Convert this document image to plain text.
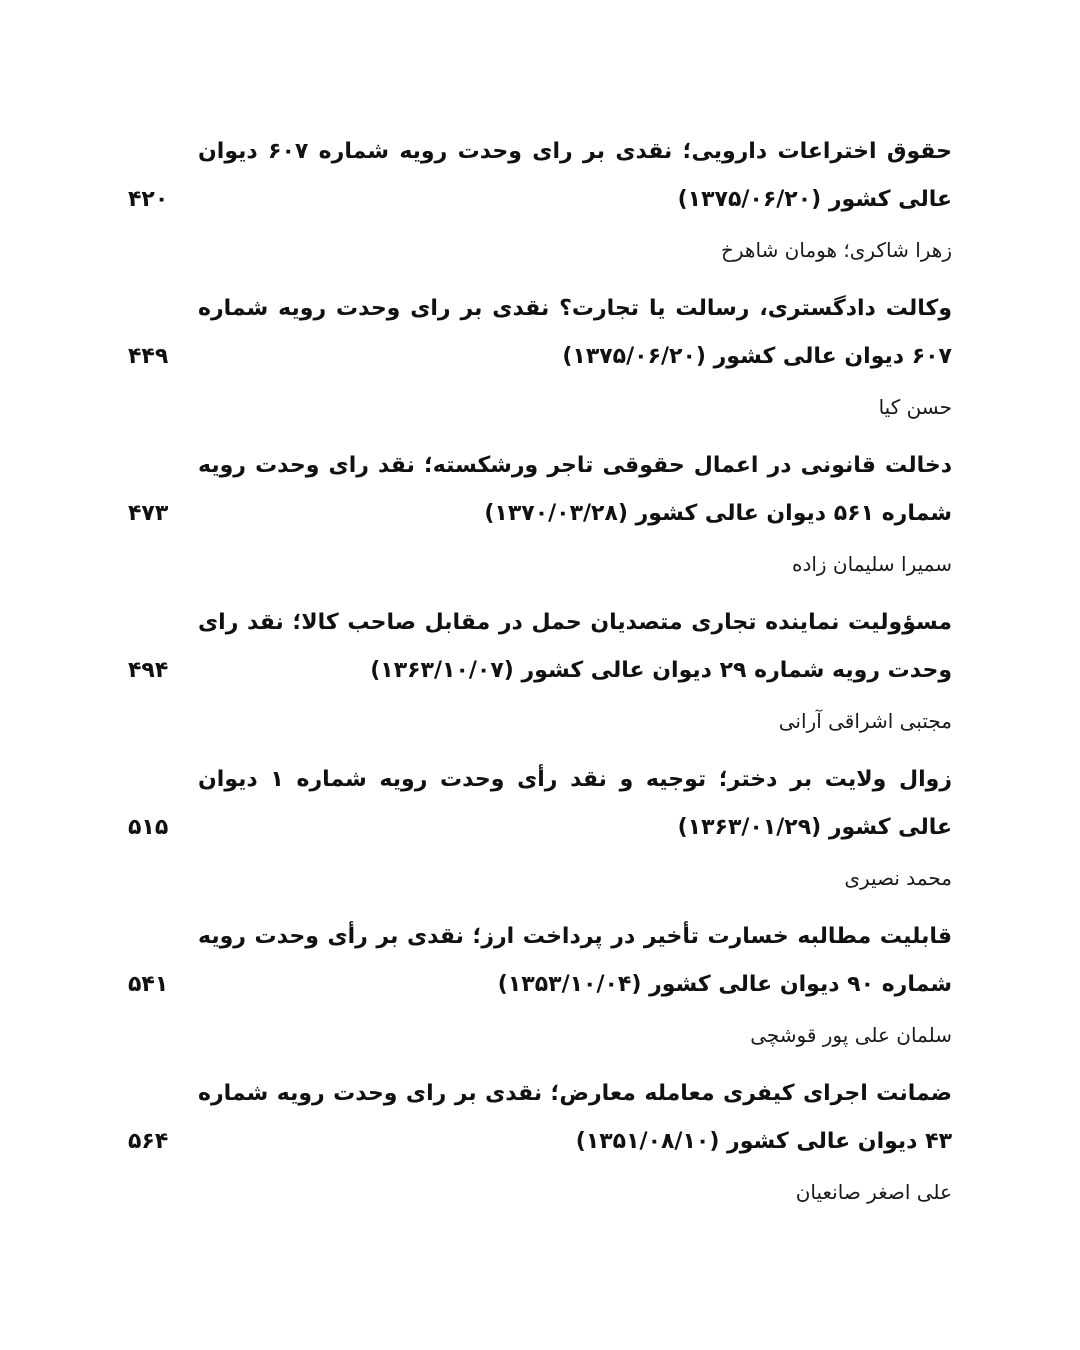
حقوق اختراعات دارویی؛ نقدی بر رای وحدت رویه شماره ۶۰۷ دیوان عالی کشور (۱۳۷۵/۰۶/۲۰)

۴۲۰
زهرا شاکری؛ هومان شاهرخ

وکالت دادگستری، رسالت یا تجارت؟ نقدی بر رای وحدت رویه شماره ۶۰۷ دیوان عالی کشور (۱۳۷۵/۰۶/۲۰)

۴۴۹
حسن کیا

دخالت قانونی در اعمال حقوقی تاجر ورشکسته؛ نقد رای وحدت رویه شماره ۵۶۱ دیوان عالی کشور (۱۳۷۰/۰۳/۲۸)

۴۷۳
سمیرا سلیمان زاده

مسؤولیت نماینده تجاری متصدیان حمل در مقابل صاحب کالا؛ نقد رای وحدت رویه شماره ۲۹ دیوان عالی کشور (۱۳۶۳/۱۰/۰۷)

۴۹۴
مجتبی اشراقی آرانی

زوال ولایت بر دختر؛ توجیه و نقد رأی وحدت رویه شماره ۱ دیوان عالی کشور (۱۳۶۳/۰۱/۲۹)

۵۱۵
محمد نصیری

قابلیت مطالبه خسارت تأخیر در پرداخت ارز؛ نقدی بر رأی وحدت رویه شماره ۹۰ دیوان عالی کشور (۱۳۵۳/۱۰/۰۴)

۵۴۱
سلمان علی پور قوشچی

ضمانت اجرای کیفری معامله معارض؛ نقدی بر رای وحدت رویه شماره ۴۳ دیوان عالی کشور (۱۳۵۱/۰۸/۱۰)

۵۶۴
علی اصغر صانعیان
